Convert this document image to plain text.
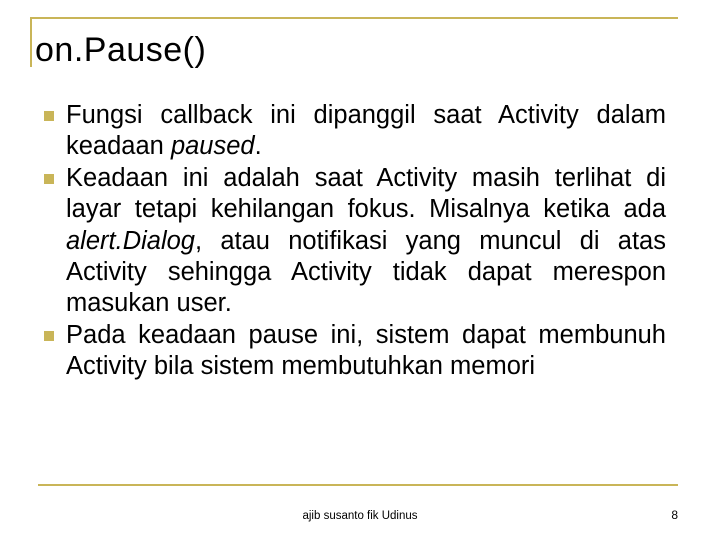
on.Pause()
Fungsi callback ini dipanggil saat Activity dalam keadaan paused.
Keadaan ini adalah saat Activity masih terlihat di layar tetapi kehilangan fokus. Misalnya ketika ada alert.Dialog, atau notifikasi yang muncul di atas Activity sehingga Activity tidak dapat merespon masukan user.
Pada keadaan pause ini, sistem dapat membunuh Activity bila sistem membutuhkan memori
ajib susanto fik Udinus	8
